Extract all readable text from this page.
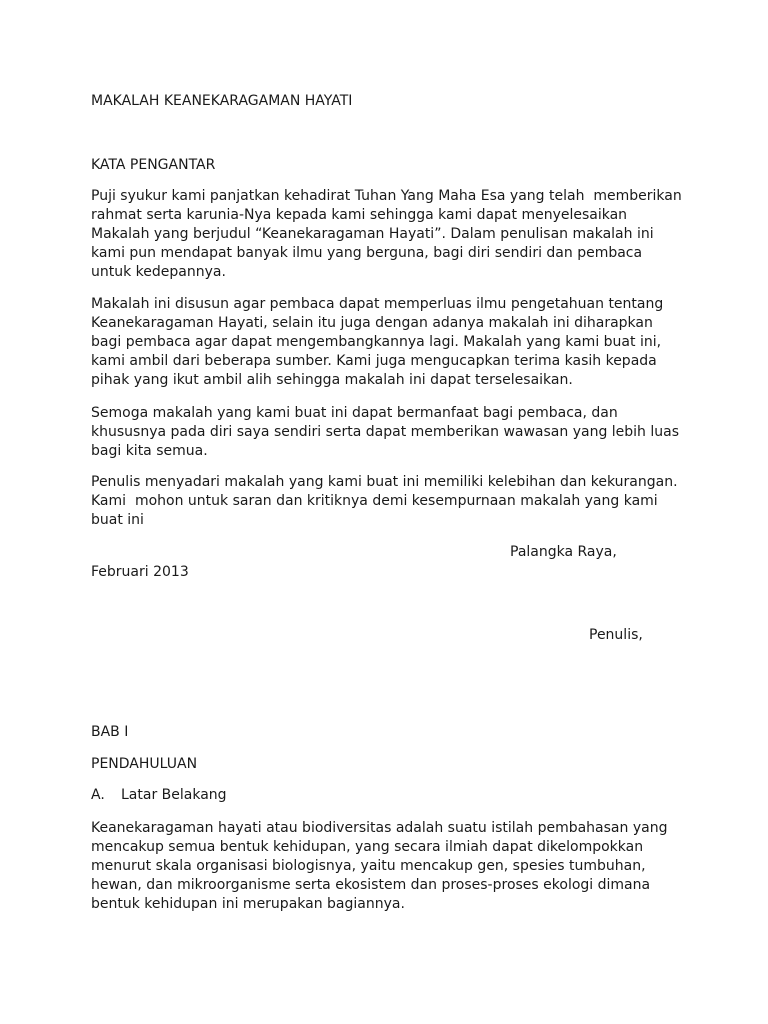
MAKALAH KEANEKARAGAMAN HAYATI
KATA PENGANTAR
Puji syukur kami panjatkan kehadirat Tuhan Yang Maha Esa yang telah  memberikan
rahmat serta karunia-Nya kepada kami sehingga kami dapat menyelesaikan
Makalah yang berjudul “Keanekaragaman Hayati”. Dalam penulisan makalah ini
kami pun mendapat banyak ilmu yang berguna, bagi diri sendiri dan pembaca
untuk kedepannya.
Makalah ini disusun agar pembaca dapat memperluas ilmu pengetahuan tentang
Keanekaragaman Hayati, selain itu juga dengan adanya makalah ini diharapkan
bagi pembaca agar dapat mengembangkannya lagi. Makalah yang kami buat ini,
kami ambil dari beberapa sumber. Kami juga mengucapkan terima kasih kepada
pihak yang ikut ambil alih sehingga makalah ini dapat terselesaikan.
Semoga makalah yang kami buat ini dapat bermanfaat bagi pembaca, dan
khususnya pada diri saya sendiri serta dapat memberikan wawasan yang lebih luas
bagi kita semua.
Penulis menyadari makalah yang kami buat ini memiliki kelebihan dan kekurangan.
Kami  mohon untuk saran dan kritiknya demi kesempurnaan makalah yang kami
buat ini
Palangka Raya,
Februari 2013
Penulis,
BAB I
PENDAHULUAN
A. Latar Belakang
Keanekaragaman hayati atau biodiversitas adalah suatu istilah pembahasan yang
mencakup semua bentuk kehidupan, yang secara ilmiah dapat dikelompokkan
menurut skala organisasi biologisnya, yaitu mencakup gen, spesies tumbuhan,
hewan, dan mikroorganisme serta ekosistem dan proses-proses ekologi dimana
bentuk kehidupan ini merupakan bagiannya.
